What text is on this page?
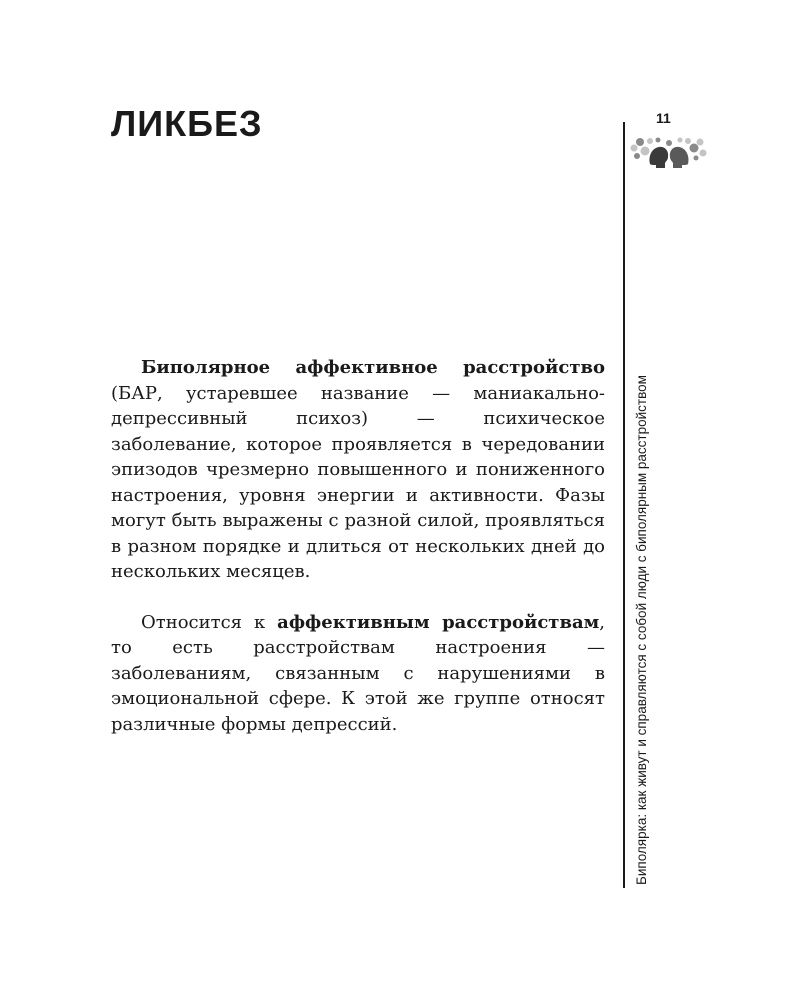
ЛИКБЕЗ	11
Биполярка: как живут и справляются с собой люди с биполярным расстройством

Биполярное аффективное расстройство (БАР, устаревшее название — маниакально-депрессивный психоз) — психическое заболевание, которое проявляется в чередовании эпизодов чрезмерно повышенного и пониженного настроения, уровня энергии и активности. Фазы могут быть выражены с разной силой, проявляться в разном порядке и длиться от нескольких дней до нескольких месяцев.

Относится к аффективным расстройствам, то есть расстройствам настроения — заболеваниям, связанным с нарушениями в эмоциональной сфере. К этой же группе относят различные формы депрессий.
